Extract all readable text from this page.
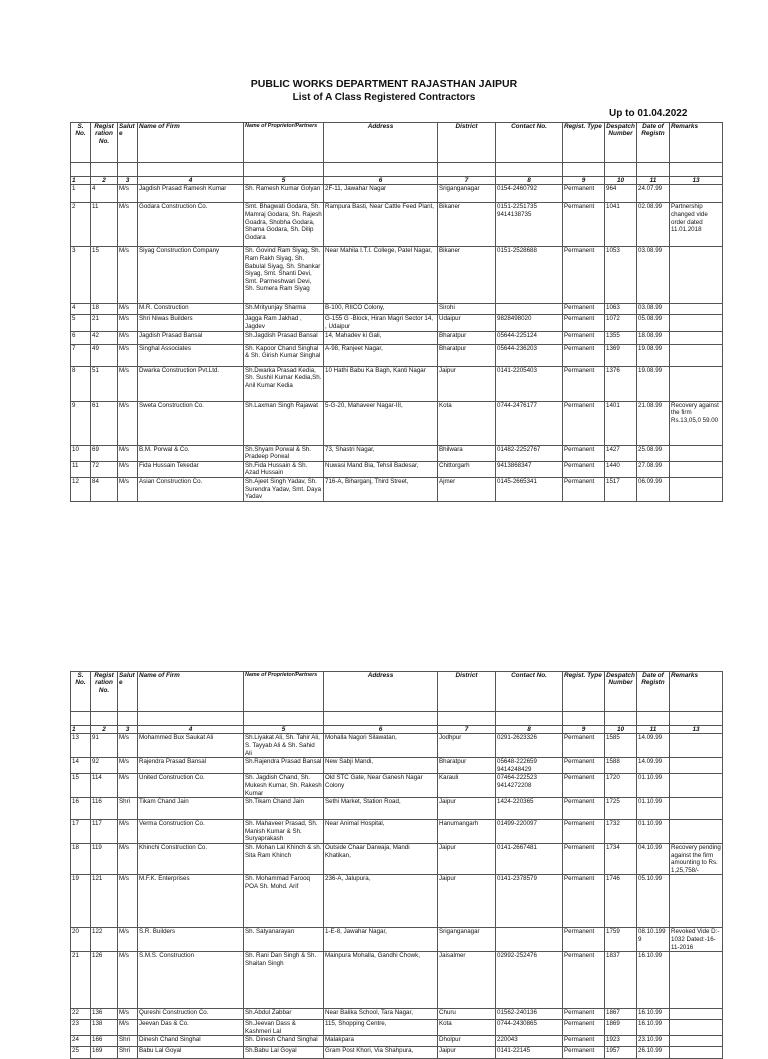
PUBLIC WORKS DEPARTMENT RAJASTHAN JAIPUR
List of A Class Registered Contractors
Up to 01.04.2022
S. No.	Regist ration No.	Salut e	Name of Firm	Name of Proprietor/Partners	Address	District	Contact No.	Regist. Type	Despatch Number	Date of Registn	Remarks

1	2	3	4	5	6	7	8	9	10	11	13
1	4	M/s	Jagdish Prasad Ramesh Kumar	Sh. Ramesh Kumar Golyan	2F-11, Jawahar Nagar	Sriganganagar	0154-2460792	Permanent	964	24.07.99	
2	11	M/s	Godara Construction Co.	Smt. Bhagwati Godara, Sh. Mamraj Godara, Sh. Rajesh Goadra, Shobha Godara, Shama Godara, Sh. Dilip Godara	Rampura Basti, Near Cattle Feed Plant,	Bikaner	0151-2251735 9414138735	Permanent	1041	02.08.99	Partnership changed vide order dated 11.01.2018
3	15	M/s	Siyag Construction Company	Sh. Govind Ram Siyag, Sh. Ram Rakh Siyag, Sh. Babulal Siyag, Sh. Shankar Siyag, Smt. Shanti Devi, Smt. Parmeshwari Devi, Sh. Sumera Ram Siyag	Near Mahila I.T.I. College, Patel Nagar,	Bikaner	0151-2528688	Permanent	1053	03.08.99	
4	18	M/s	M.R. Construction	Sh.Mrityunjay Sharma	B-100, RIICO Colony,	Sirohi		Permanent	1063	03.08.99	
5	21	M/s	Shri Niwas Builders	Jagga Ram Jakhad , Jagdev	G-155 G -Block, Hiran Magri Sector 14, , Udaipur	Udaipur	9828498020	Permanent	1072	05.08.99	
6	42	M/s	Jagdish Prasad Bansal	Sh.Jagdish Prasad Bansal	14, Mahadev ki Gali,	Bharatpur	05644-225124	Permanent	1355	18.08.99	
7	49	M/s	Singhal Associates	Sh. Kapoor Chand Singhal & Sh. Girish Kumar Singhal	A-98, Ranjeet Nagar,	Bharatpur	05644-236203	Permanent	1369	19.08.99	
8	51	M/s	Dwarka Construction Pvt.Ltd.	Sh.Dwarka Prasad Kedia, Sh. Sushil Kumar Kedia,Sh. Anil Kumar Kedia	10 Hathi Babu Ka Bagh, Kanti Nagar	Jaipur	0141-2205403	Permanent	1376	19.08.99	
9	61	M/s	Sweta Construction Co.	Sh.Laxman Singh Rajawat	5-G-20, Mahaveer Nagar-III,	Kota	0744-2476177	Permanent	1401	21.08.99	Recovery against the firm Rs.13,05,0 59.00
10	69	M/s	B.M. Porwal & Co.	Sh.Shyam Porwal & Sh. Pradeep Porwal	73, Shastri Nagar,	Bhilwara	01482-2252767	Permanent	1427	25.08.99	
11	72	M/s	Fida Hussain Tekedar	Sh.Fida Hussain & Sh. Azad Hussain	Nuwasi Mand Bia, Tehsil Badesar,	Chittorgarh	9413868347	Permanent	1440	27.08.99	
12	84	M/s	Asian Construction Co.	Sh.Ajeet Singh Yadav, Sh. Surendra Yadav, Smt. Daya Yadav	716-A, Biharganj, Third Street,	Ajmer	0145-2665341	Permanent	1517	06.09.99	
S. No.	Regist ration No.	Salut e	Name of Firm	Name of Proprietor/Partners	Address	District	Contact No.	Regist. Type	Despatch Number	Date of Registn	Remarks

1	2	3	4	5	6	7	8	9	10	11	13
13	91	M/s	Mohammed Bux Saukat Ali	Sh.Liyakat Ali, Sh. Tahir Ali, S. Tayyab Ali & Sh. Sahid Ali	Mohalla Nagori Silawatan,	Jodhpur	0291-2623326	Permanent	1585	14.09.99	
14	92	M/s	Rajendra Prasad Bansal	Sh.Rajendra Prasad Bansal	New Sabji Mandi,	Bharatpur	05648-222659 9414248429	Permanent	1588	14.09.99	
15	114	M/s	United Construction Co.	Sh. Jagdish Chand, Sh. Mukesh Kumar, Sh. Rakesh Kumar	Old STC Gate, Near Ganesh Nagar Colony	Karauli	07464-222523 9414272208	Permanent	1720	01.10.99	
16	116	Shri	Tikam Chand Jain	Sh.Tikam Chand Jain	Sethi Market, Station Road,	Jaipur	1424-220365	Permanent	1725	01.10.99	
17	117	M/s	Verma Construction Co.	Sh. Mahaveer Prasad, Sh. Manish Kumar & Sh. Suryaprakash	Near Animal Hospital,	Hanumangarh	01499-220097	Permanent	1732	01.10.99	
18	119	M/s	Khinchi Construction Co.	Sh. Mohan Lal Khinch & sh. Sita Ram Khinch	Outside Chaar Darwaja, Mandi Khatikan,	Jaipur	0141-2667481	Permanent	1734	04.10.99	Recovery pending against the firm amounting to Rs. 1,25,758/-
19	121	M/s	M.F.K. Enterprises	Sh. Mohammad Farooq POA Sh. Mohd. Arif	236-A, Jalupura,	Jaipur	0141-2378579	Permanent	1746	05.10.99	
20	122	M/s	S.R. Builders	Sh. Satyanarayan	1-E-8, Jawahar Nagar,	Sriganganagar		Permanent	1759	08.10.1999	Revoked Vide D:- 1032 Dated:-16-11-2016
21	126	M/s	S.M.S. Construction	Sh. Rani Dan Singh & Sh. Shaitan Singh	Mainpura Mohalla, Gandhi Chowk,	Jaisalmer	02992-252476	Permanent	1837	16.10.99	
22	136	M/s	Qureshi Construction Co.	Sh.Abdul Zabbar	Near Balika School, Tara Nagar,	Churu	01562-240136	Permanent	1867	16.10.99	
23	138	M/s	Jeevan Das & Co.	Sh.Jeevan Dass & Kashmeri Lal	115, Shopping Centre,	Kota	0744-2430865	Permanent	1869	16.10.99	
24	166	Shri	Dinesh Chand Singhal	Sh. Dinesh Chand Singhal	Malakpara	Dholpur	220043	Permanent	1923	23.10.99	
25	169	Shri	Babu Lal Goyal	Sh.Babu Lal Goyal	Gram Post Khori, Via Shahpura,	Jaipur	0141-22145	Permanent	1957	26.10.99	
